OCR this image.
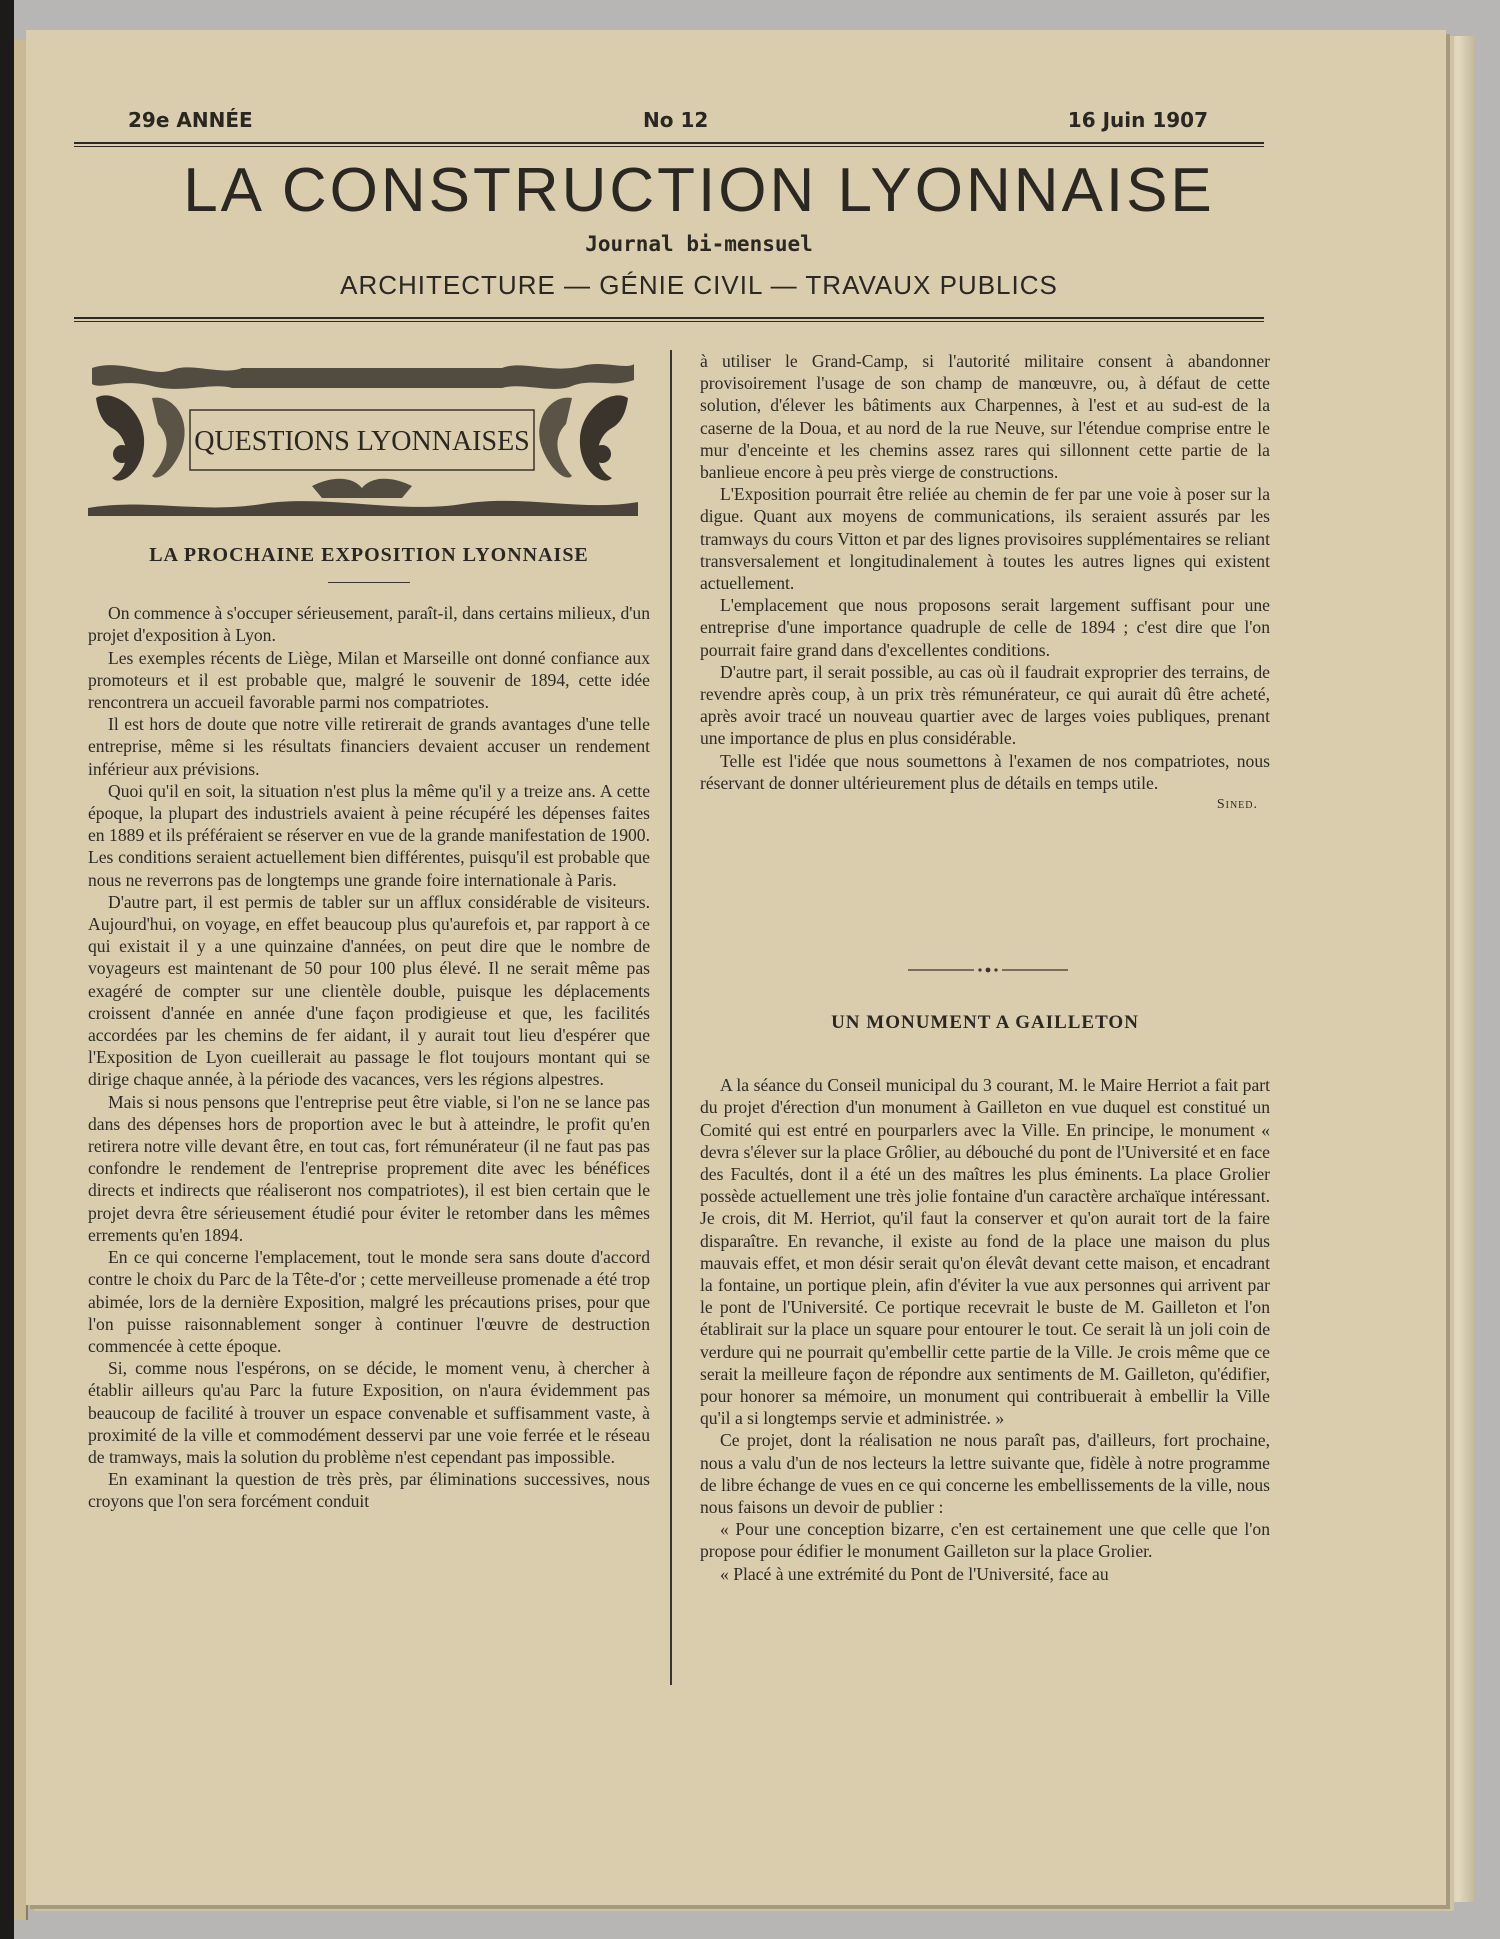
29e ANNÉE	No 12	16 Juin 1907
LA CONSTRUCTION LYONNAISE
Journal bi-mensuel
ARCHITECTURE — GÉNIE CIVIL — TRAVAUX PUBLICS
QUESTIONS LYONNAISES
LA PROCHAINE EXPOSITION LYONNAISE

On commence à s'occuper sérieusement, paraît-il, dans certains milieux, d'un projet d'exposition à Lyon.

Les exemples récents de Liège, Milan et Marseille ont donné confiance aux promoteurs et il est probable que, malgré le souvenir de 1894, cette idée rencontrera un accueil favorable parmi nos compatriotes.

Il est hors de doute que notre ville retirerait de grands avantages d'une telle entreprise, même si les résultats financiers devaient accuser un rendement inférieur aux prévisions.

Quoi qu'il en soit, la situation n'est plus la même qu'il y a treize ans. A cette époque, la plupart des industriels avaient à peine récupéré les dépenses faites en 1889 et ils préféraient se réserver en vue de la grande manifestation de 1900. Les conditions seraient actuellement bien différentes, puisqu'il est probable que nous ne reverrons pas de longtemps une grande foire internationale à Paris.

D'autre part, il est permis de tabler sur un afflux considérable de visiteurs. Aujourd'hui, on voyage, en effet beaucoup plus qu'aurefois et, par rapport à ce qui existait il y a une quinzaine d'années, on peut dire que le nombre de voyageurs est maintenant de 50 pour 100 plus élevé. Il ne serait même pas exagéré de compter sur une clientèle double, puisque les déplacements croissent d'année en année d'une façon prodigieuse et que, les facilités accordées par les chemins de fer aidant, il y aurait tout lieu d'espérer que l'Exposition de Lyon cueillerait au passage le flot toujours montant qui se dirige chaque année, à la période des vacances, vers les régions alpestres.

Mais si nous pensons que l'entreprise peut être viable, si l'on ne se lance pas dans des dépenses hors de proportion avec le but à atteindre, le profit qu'en retirera notre ville devant être, en tout cas, fort rémunérateur (il ne faut pas pas confondre le rendement de l'entreprise proprement dite avec les bénéfices directs et indirects que réaliseront nos compatriotes), il est bien certain que le projet devra être sérieusement étudié pour éviter le retomber dans les mêmes errements qu'en 1894.

En ce qui concerne l'emplacement, tout le monde sera sans doute d'accord contre le choix du Parc de la Tête-d'or ; cette merveilleuse promenade a été trop abimée, lors de la dernière Exposition, malgré les précautions prises, pour que l'on puisse raisonnablement songer à continuer l'œuvre de destruction commencée à cette époque.

Si, comme nous l'espérons, on se décide, le moment venu, à chercher à établir ailleurs qu'au Parc la future Exposition, on n'aura évidemment pas beaucoup de facilité à trouver un espace convenable et suffisamment vaste, à proximité de la ville et commodément desservi par une voie ferrée et le réseau de tramways, mais la solution du problème n'est cependant pas impossible.

En examinant la question de très près, par éliminations successives, nous croyons que l'on sera forcément conduit

à utiliser le Grand-Camp, si l'autorité militaire consent à abandonner provisoirement l'usage de son champ de manœuvre, ou, à défaut de cette solution, d'élever les bâtiments aux Charpennes, à l'est et au sud-est de la caserne de la Doua, et au nord de la rue Neuve, sur l'étendue comprise entre le mur d'enceinte et les chemins assez rares qui sillonnent cette partie de la banlieue encore à peu près vierge de constructions.

L'Exposition pourrait être reliée au chemin de fer par une voie à poser sur la digue. Quant aux moyens de communications, ils seraient assurés par les tramways du cours Vitton et par des lignes provisoires supplémentaires se reliant transversalement et longitudinalement à toutes les autres lignes qui existent actuellement.

L'emplacement que nous proposons serait largement suffisant pour une entreprise d'une importance quadruple de celle de 1894 ; c'est dire que l'on pourrait faire grand dans d'excellentes conditions.

D'autre part, il serait possible, au cas où il faudrait exproprier des terrains, de revendre après coup, à un prix très rémunérateur, ce qui aurait dû être acheté, après avoir tracé un nouveau quartier avec de larges voies publiques, prenant une importance de plus en plus considérable.

Telle est l'idée que nous soumettons à l'examen de nos compatriotes, nous réservant de donner ultérieurement plus de détails en temps utile.

Sined.
UN MONUMENT A GAILLETON

A la séance du Conseil municipal du 3 courant, M. le Maire Herriot a fait part du projet d'érection d'un monument à Gailleton en vue duquel est constitué un Comité qui est entré en pourparlers avec la Ville. En principe, le monument « devra s'élever sur la place Grôlier, au débouché du pont de l'Université et en face des Facultés, dont il a été un des maîtres les plus éminents. La place Grolier possède actuellement une très jolie fontaine d'un caractère archaïque intéressant. Je crois, dit M. Herriot, qu'il faut la conserver et qu'on aurait tort de la faire disparaître. En revanche, il existe au fond de la place une maison du plus mauvais effet, et mon désir serait qu'on élevât devant cette maison, et encadrant la fontaine, un portique plein, afin d'éviter la vue aux personnes qui arrivent par le pont de l'Université. Ce portique recevrait le buste de M. Gailleton et l'on établirait sur la place un square pour entourer le tout. Ce serait là un joli coin de verdure qui ne pourrait qu'embellir cette partie de la Ville. Je crois même que ce serait la meilleure façon de répondre aux sentiments de M. Gailleton, qu'édifier, pour honorer sa mémoire, un monument qui contribuerait à embellir la Ville qu'il a si longtemps servie et administrée. »

Ce projet, dont la réalisation ne nous paraît pas, d'ailleurs, fort prochaine, nous a valu d'un de nos lecteurs la lettre suivante que, fidèle à notre programme de libre échange de vues en ce qui concerne les embellissements de la ville, nous nous faisons un devoir de publier :

« Pour une conception bizarre, c'en est certainement une que celle que l'on propose pour édifier le monument Gailleton sur la place Grolier.

« Placé à une extrémité du Pont de l'Université, face au
